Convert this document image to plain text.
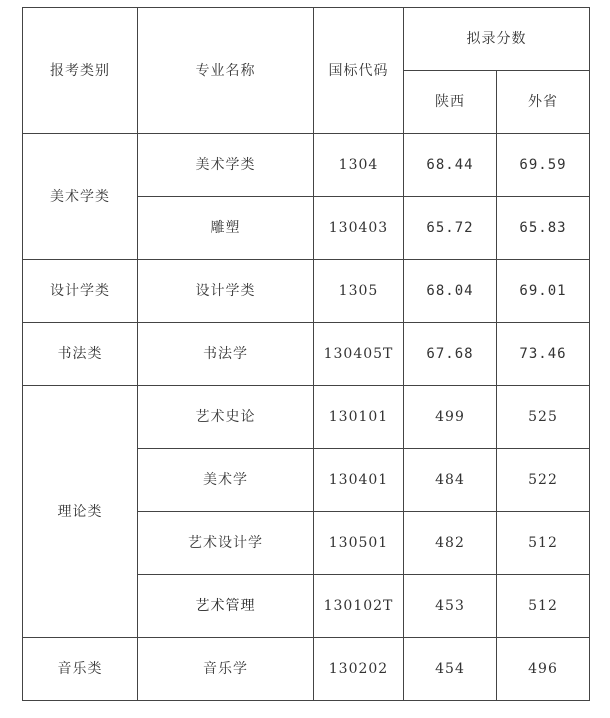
报考类别	专业名称	国标代码	拟录分数	
			陕西	外省
美术学类	美术学类	1304	68.44	69.59
	雕塑	130403	65.72	65.83
设计学类	设计学类	1305	68.04	69.01
书法类	书法学	130405T	67.68	73.46
理论类	艺术史论	130101	499	525
	美术学	130401	484	522
	艺术设计学	130501	482	512
	艺术管理	130102T	453	512
音乐类	音乐学	130202	454	496
